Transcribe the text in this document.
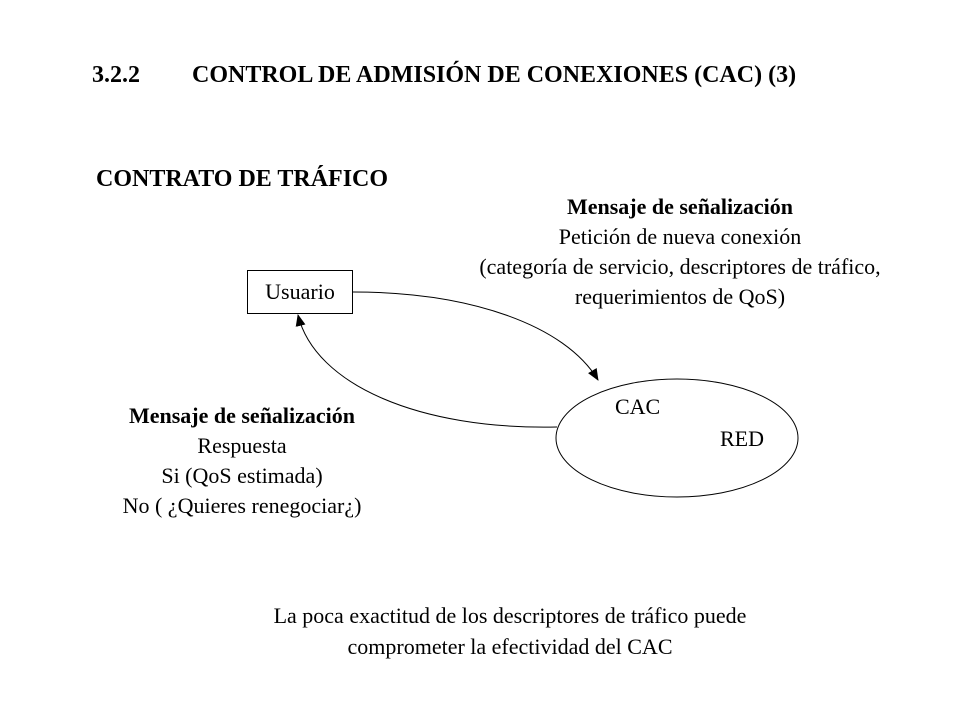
3.2.2 CONTROL DE ADMISIÓN DE CONEXIONES (CAC) (3)
CONTRATO DE TRÁFICO
Mensaje de señalización
Petición de nueva conexión
(categoría de servicio, descriptores de tráfico,
requerimientos de QoS)
Usuario
CAC
RED
Mensaje de señalización
Respuesta
Si (QoS estimada)
No ( ¿Quieres renegociar¿)
La poca exactitud de los descriptores de tráfico puede
comprometer la efectividad del CAC
